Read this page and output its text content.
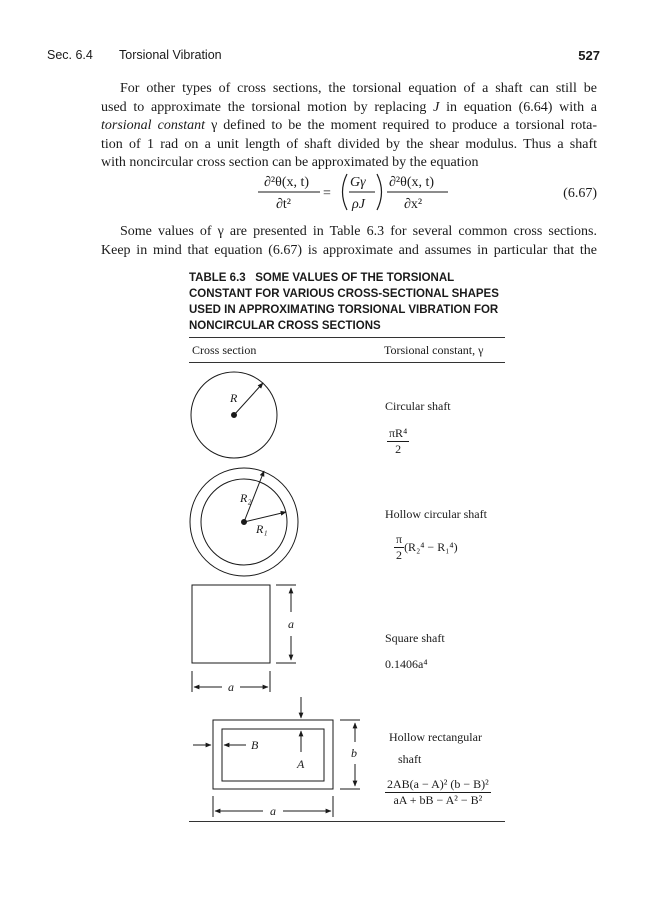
Sec. 6.4 Torsional Vibration	527
For other types of cross sections, the torsional equation of a shaft can still be
used to approximate the torsional motion by replacing J in equation (6.64) with a
torsional constant γ defined to be the moment required to produce a torsional rota-
tion of 1 rad on a unit length of shaft divided by the shear modulus. Thus a shaft
with noncircular cross section can be approximated by the equation
∂²θ(x, t)
∂t²
=
Gγ
ρJ
∂²θ(x, t)
∂x²
(6.67)
Some values of γ are presented in Table 6.3 for several common cross sections.
Keep in mind that equation (6.67) is approximate and assumes in particular that the
TABLE 6.3 SOME VALUES OF THE TORSIONAL
CONSTANT FOR VARIOUS CROSS-SECTIONAL SHAPES
USED IN APPROXIMATING TORSIONAL VIBRATION FOR
NONCIRCULAR CROSS SECTIONS
Cross section	Torsional constant, γ
R
R₂
R₁
a
a
B
A
b
a
Circular shaft
$\frac{\text{πR⁴}}{2}$
Hollow circular shaft
$\frac{\pi}{2} (R_2^4 - R_1^4)$
Square shaft
0.1406a⁴
Hollow rectangular
shaft
$\frac{\text{2AB(a − A)² (b − B)²}}{\text{aA + bB − A² − B²}}$
